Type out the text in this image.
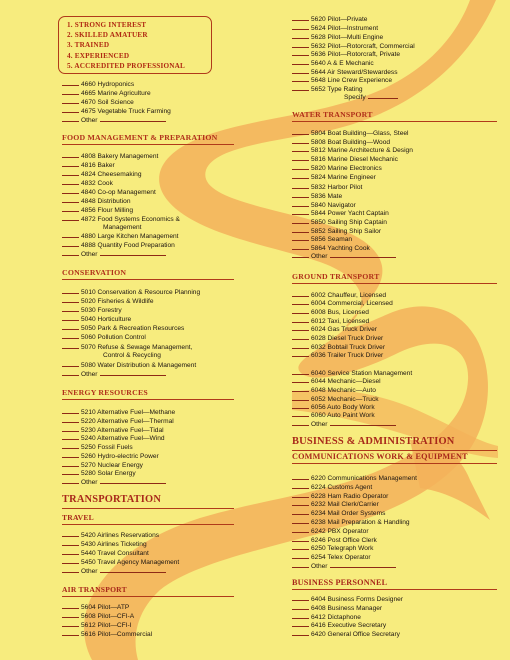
1. STRONG INTEREST
2. SKILLED AMATUER
3. TRAINED
4. EXPERIENCED
5. ACCREDITED PROFESSIONAL
4660 Hydroponics
4665 Marine Agriculture
4670 Soil Science
4675 Vegetable Truck Farming
Other
FOOD MANAGEMENT & PREPARATION
4808 Bakery Management
4816 Baker
4824 Cheesemaking
4832 Cook
4840 Co-op Management
4848 Distribution
4856 Flour Milling
4872 Food Systems Economics &
Management
4880 Large Kitchen Management
4888 Quantity Food Preparation
Other
CONSERVATION
5010 Conservation & Resource Planning
5020 Fisheries & Wildlife
5030 Forestry
5040 Horticulture
5050 Park & Recreation Resources
5060 Pollution Control
5070 Refuse & Sewage Management,
Control & Recycling
5080 Water Distribution & Management
Other
ENERGY RESOURCES
5210 Alternative Fuel—Methane
5220 Alternative Fuel—Thermal
5230 Alternative Fuel—Tidal
5240 Alternative Fuel—Wind
5250 Fossil Fuels
5260 Hydro-electric Power
5270 Nuclear Energy
5280 Solar Energy
Other
TRANSPORTATION
TRAVEL
5420 Airlines Reservations
5430 Airlines Ticketing
5440 Travel Consultant
5450 Travel Agency Management
Other
AIR TRANSPORT
5604 Pilot—ATP
5608 Pilot—CFI-A
5612 Pilot—CFI-I
5616 Pilot—Commercial
5620 Pilot—Private
5624 Pilot—Instrument
5628 Pilot—Multi Engine
5632 Pilot—Rotorcraft, Commercial
5636 Pilot—Rotorcraft, Private
5640 A & E Mechanic
5644 Air Steward/Stewardess
5648 Line Crew Experience
5652 Type Rating
Specify
WATER TRANSPORT
5804 Boat Building—Glass, Steel
5808 Boat Building—Wood
5812 Marine Architecture & Design
5816 Marine Diesel Mechanic
5820 Marine Electronics
5824 Marine Engineer
5832 Harbor Pilot
5836 Mate
5840 Navigator
5844 Power Yacht Captain
5850 Sailing Ship Captain
5852 Sailing Ship Sailor
5856 Seaman
5864 Yachting Cook
Other
GROUND TRANSPORT
6002 Chauffeur, Licensed
6004 Commercial, Licensed
6008 Bus, Licensed
6012 Taxi, Licensed
6024 Gas Truck Driver
6028 Diesel Truck Driver
6032 Bobtail Truck Driver
6036 Trailer Truck Driver
6040 Service Station Management
6044 Mechanic—Diesel
6048 Mechanic—Auto
6052 Mechanic—Truck
6056 Auto Body Work
6060 Auto Paint Work
Other
BUSINESS & ADMINISTRATION
COMMUNICATIONS WORK & EQUIPMENT
6220 Communications Management
6224 Customs Agent
6228 Ham Radio Operator
6232 Mail Clerk/Carrier
6234 Mail Order Systems
6238 Mail Preparation & Handling
6242 PBX Operator
6246 Post Office Clerk
6250 Telegraph Work
6254 Telex Operator
Other
BUSINESS PERSONNEL
6404 Business Forms Designer
6408 Business Manager
6412 Dictaphone
6416 Executive Secretary
6420 General Office Secretary
